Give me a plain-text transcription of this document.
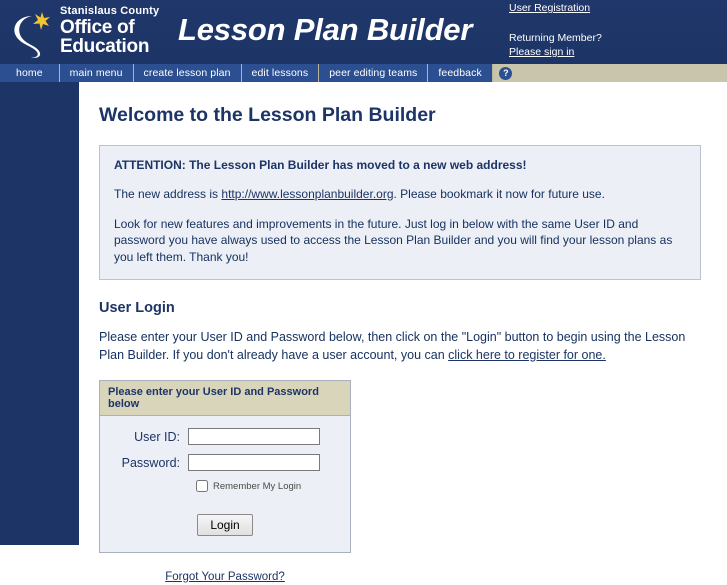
Stanislaus County
Office of
Education Lesson Plan Builder
User Registration
Returning Member?
Please sign in
home	main menu	create lesson plan	edit lessons	peer editing teams	feedback	?
Welcome to the Lesson Plan Builder

ATTENTION: The Lesson Plan Builder has moved to a new web address!

The new address is http://www.lessonplanbuilder.org. Please bookmark it now for future use.

Look for new features and improvements in the future. Just log in below with the same User ID and password you have always used to access the Lesson Plan Builder and you will find your lesson plans as you left them. Thank you!

User Login

Please enter your User ID and Password below, then click on the "Login" button to begin using the Lesson Plan Builder. If you don't already have a user account, you can click here to register for one.

Please enter your User ID and Password below
User ID:
Password:
Remember My Login
Login
Forgot Your Password?
